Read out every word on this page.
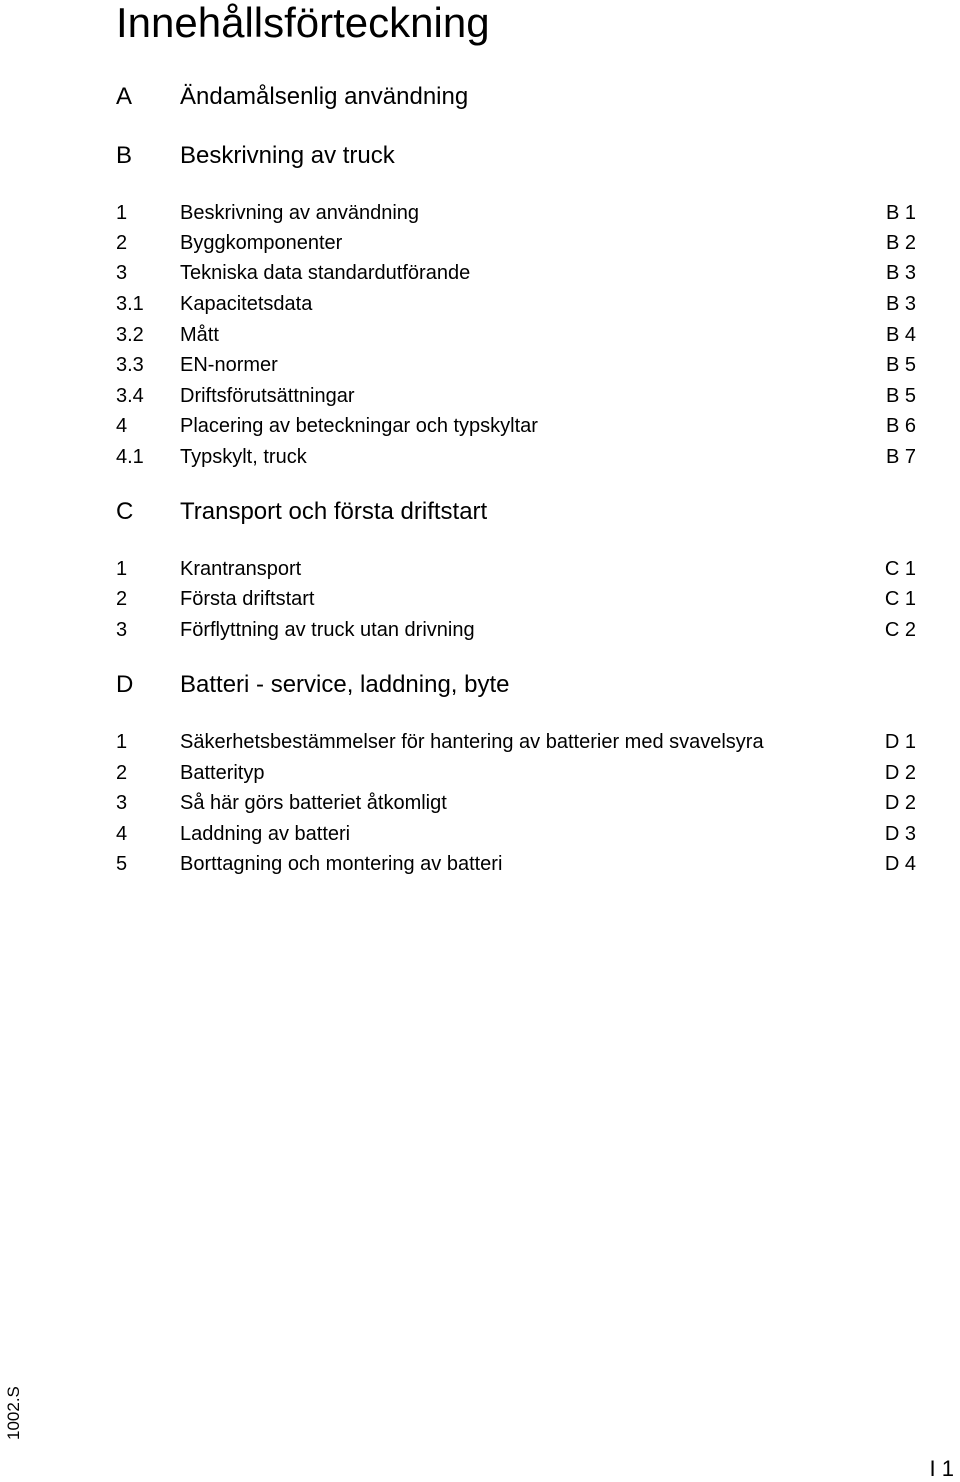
Innehållsförteckning
A Ändamålsenlig användning
B Beskrivning av truck
1	Beskrivning av användning	B 1
2	Byggkomponenter	B 2
3	Tekniska data standardutförande	B 3
3.1 Kapacitetsdata	B 3
3.2 Mått	B 4
3.3 EN-normer	B 5
3.4 Driftsförutsättningar	B 5
4	Placering av beteckningar och typskyltar	B 6
4.1 Typskylt, truck	B 7
C Transport och första driftstart
1	Krantransport	C 1
2	Första driftstart	C 1
3	Förflyttning av truck utan drivning	C 2
D Batteri - service, laddning, byte
1	Säkerhetsbestämmelser för hantering av batterier med svavelsyra	D 1
2	Batterityp	D 2
3	Så här görs batteriet åtkomligt	D 2
4	Laddning av batteri	D 3
5	Borttagning och montering av batteri	D 4
1002.S
I 1
